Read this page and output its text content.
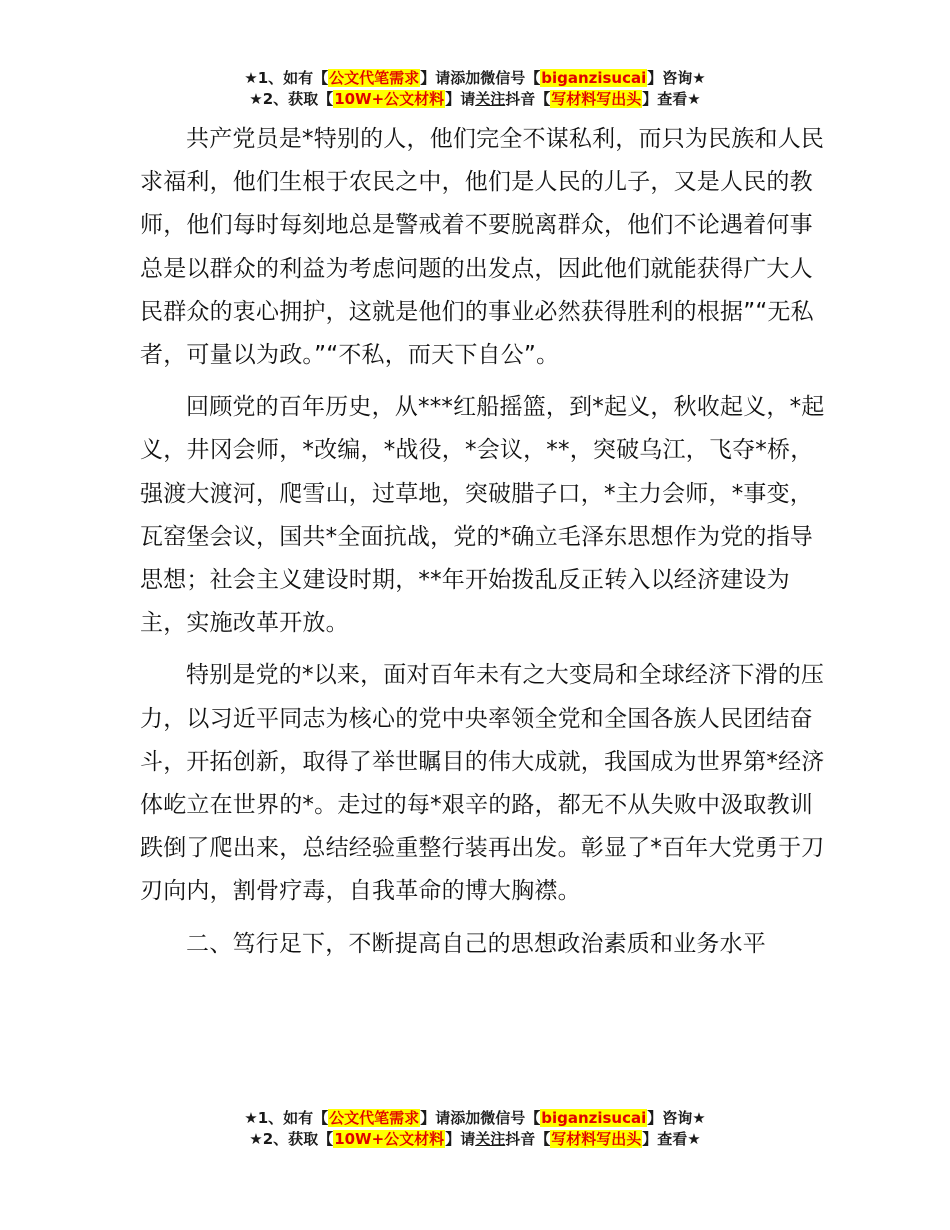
★1、如有【公文代笔需求】请添加微信号【biganzisucai】咨询★
★2、获取【10W+公文材料】请关注抖音【写材料写出头】查看★

共产党员是*特别的人，他们完全不谋私利，而只为民族和人民求福利，他们生根于农民之中，他们是人民的儿子，又是人民的教师，他们每时每刻地总是警戒着不要脱离群众，他们不论遇着何事总是以群众的利益为考虑问题的出发点，因此他们就能获得广大人民群众的衷心拥护，这就是他们的事业必然获得胜利的根据”“无私者，可量以为政。”“不私，而天下自公”。

回顾党的百年历史，从***红船摇篮，到*起义，秋收起义，*起义，井冈会师，*改编，*战役，*会议，**，突破乌江，飞夺*桥，强渡大渡河，爬雪山，过草地，突破腊子口，*主力会师，*事变，瓦窑堡会议，国共*全面抗战，党的*确立毛泽东思想作为党的指导思想；社会主义建设时期，**年开始拨乱反正转入以经济建设为主，实施改革开放。

特别是党的*以来，面对百年未有之大变局和全球经济下滑的压力，以习近平同志为核心的党中央率领全党和全国各族人民团结奋斗，开拓创新，取得了举世瞩目的伟大成就，我国成为世界第*经济体屹立在世界的*。走过的每*艰辛的路，都无不从失败中汲取教训跌倒了爬出来，总结经验重整行装再出发。彰显了*百年大党勇于刀刃向内，割骨疗毒，自我革命的博大胸襟。

二、笃行足下，不断提高自己的思想政治素质和业务水平

★1、如有【公文代笔需求】请添加微信号【biganzisucai】咨询★
★2、获取【10W+公文材料】请关注抖音【写材料写出头】查看★
